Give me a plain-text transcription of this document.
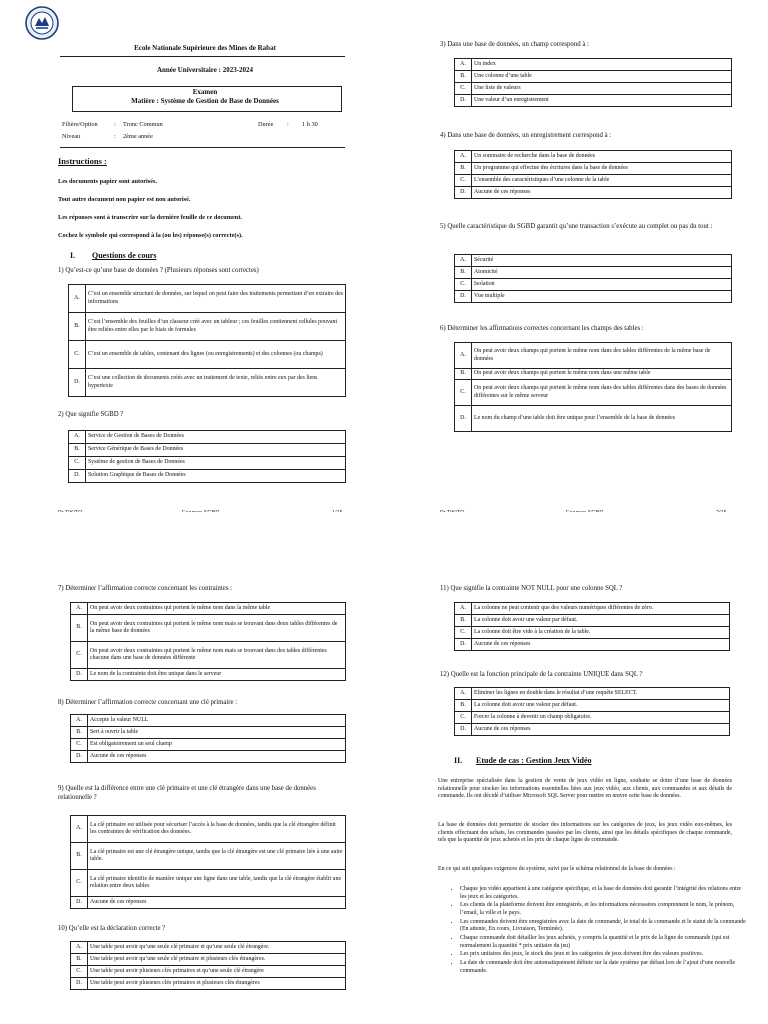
Ecole Nationale Supérieure des Mines de Rabat
Année Universitaire : 2023-2024
Examen
Matière : Système de Gestion de Base de Données
Filière/Option	: Tronc Commun	Durée : 1 h 30
Niveau	: 2ème année
Instructions :
Les documents papier sont autorisés.
Tout autre document non papier est non autorisé.
Les réponses sont à transcrire sur la dernière feuille de ce document.
Cochez le symbole qui correspond à la (ou les) réponse(s) correcte(s).
I. Questions de cours
1) Qu’est-ce qu’une base de données ? (Plusieurs réponses sont correctes)
A.	C’est un ensemble structuré de données, sur lequel on peut faire des traitements permettant d’en extraire des informations
B.	C’est l’ensemble des feuilles d’un classeur créé avec un tableur ; ces feuilles contiennent cellules pouvant être reliées entre elles par le biais de formules
C.	C’est un ensemble de tables, contenant des lignes (ou enregistrements) et des colonnes (ou champs)
D.	C’est une collection de documents créés avec un traitement de texte, reliés entre eux par des liens hypertexte
2) Que signifie SGBD ?
A.	Service de Gestion de Bases de Données
B.	Service Générique de Bases de Données
C.	Système de gestion de Bases de Données
D.	Solution Graphique de Bases de Données
3) Dans une base de données, un champ correspond à :
A.	Un index
B.	Une colonne d’une table
C.	Une liste de valeurs
D.	Une valeur d’un enregistrement
4) Dans une base de données, un enregistrement correspond à :
A.	Un sommaire de recherche dans la base de données
B.	Un programme qui effectue des écritures dans la base de données
C.	L’ensemble des caractéristiques d’une colonne de la table
D.	Aucune de ces réponses
5) Quelle caractéristique du SGBD garantit qu’une transaction s’exécute au complet ou pas du tout :
A.	Sécurité
B.	Atomicité
C.	Isolation
D.	Vue multiple
6) Déterminer les affirmations correctes concernant les champs des tables :
A.	On peut avoir deux champs qui portent le même nom dans des tables différentes de la même base de données
B.	On peut avoir deux champs qui portent le même nom dans une même table
C.	On peut avoir deux champs qui portent le même nom dans des tables différentes dans des bases de données différentes sur le même serveur
D.	Le nom du champ d’une table doit être unique pour l’ensemble de la base de données
7) Déterminer l’affirmation correcte concernant les contraintes :
A.	On peut avoir deux contraintes qui portent le même nom dans la même table
B.	On peut avoir deux contraintes qui portent le même nom mais se trouvant dans deux tables différentes de la même base de données
C.	On peut avoir deux contraintes qui portent le même nom mais se trouvant dans des tables différentes chacune dans une base de données différente
D.	Le nom de la contrainte doit être unique dans le serveur
8) Déterminer l’affirmation correcte concernant une clé primaire :
A.	Accepte la valeur NULL
B.	Sert à ouvrir la table
C.	Est obligatoirement un seul champ
D.	Aucune de ces réponses
9) Quelle est la différence entre une clé primaire et une clé étrangère dans une base de données relationnelle ?
A.	La clé primaire est utilisée pour sécuriser l’accès à la base de données, tandis que la clé étrangère définit les contraintes de vérification des données.
B.	La clé primaire est une clé étrangère unique, tandis que la clé étrangère est une clé primaire liée à une autre table.
C.	La clé primaire identifie de manière unique une ligne dans une table, tandis que la clé étrangère établit une relation entre deux tables
D.	Aucune de ces réponses
10) Qu’elle est la déclaration correcte ?
A.	Une table peut avoir qu’une seule clé primaire et qu’une seule clé étrangère.
B.	Une table peut avoir qu’une seule clé primaire et plusieurs clés étrangères.
C.	Une table peut avoir plusieurs clés primaires et qu’une seule clé étrangère
D.	Une table peut avoir plusieurs clés primaires et plusieurs clés étrangères
11) Que signifie la contrainte NOT NULL pour une colonne SQL ?
A.	La colonne ne peut contenir que des valeurs numériques différentes de zéro.
B.	La colonne doit avoir une valeur par défaut.
C.	La colonne doit être vide à la création de la table.
D.	Aucune de ces réponses
12) Quelle est la fonction principale de la contrainte UNIQUE dans SQL ?
A.	Eliminer les lignes en double dans le résultat d’une requête SELECT.
B.	La colonne doit avoir une valeur par défaut.
C.	Forcer la colonne à devenir un champ obligatoire.
D.	Aucune de ces réponses
II. Etude de cas : Gestion Jeux Vidéo
Une entreprise spécialisée dans la gestion de vente de jeux vidéo en ligne, souhaite se doter d’une base de données relationnelle pour stocker les informations essentielles liées aux jeux vidéo, aux clients, aux commandes et aux détails de commande. Ils ont décidé d’utiliser Microsoft SQL Server pour mettre en œuvre cette base de données.
La base de données doit permettre de stocker des informations sur les catégories de jeux, les jeux vidéo eux-mêmes, les clients effectuant des achats, les commandes passées par les clients, ainsi que les détails spécifiques de chaque commande, tels que la quantité de jeux achetés et les prix de chaque ligne de commande.
En ce qui suit quelques exigences du système, suivi par le schéma relationnel de la base de données :
• Chaque jeu vidéo appartient à une catégorie spécifique, et la base de données doit garantir l’intégrité des relations entre les jeux et les catégories.
• Les clients de la plateforme doivent être enregistrés, et les informations nécessaires comprennent le nom, le prénom, l’email, la ville et le pays.
• Les commandes doivent être enregistrées avec la date de commande, le total de la commande et le statut de la commande (En attente, En cours, Livraison, Terminée).
• Chaque commande doit détailler les jeux achetés, y compris la quantité et le prix de la ligne de commande (qui est normalement la quantité * prix unitaire du jeu)
• Les prix unitaires des jeux, le stock des jeux et les catégories de jeux doivent être des valeurs positives.
• La date de commande doit être automatiquement définie sur la date système par défaut lors de l’ajout d’une nouvelle commande.
